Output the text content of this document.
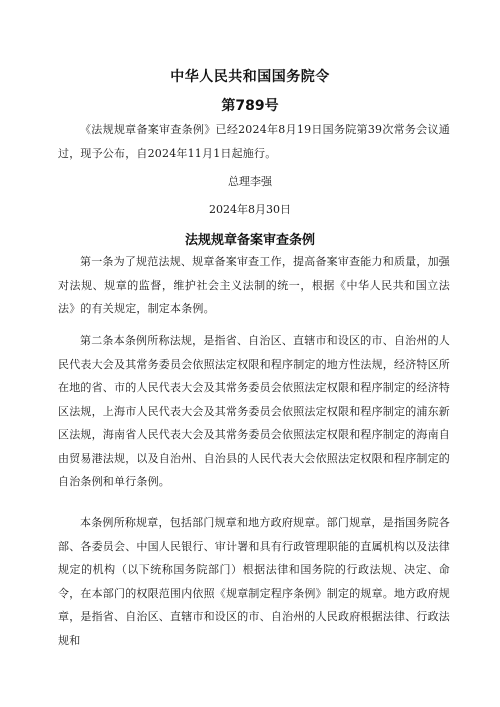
中华人民共和国国务院令
第789号

《法规规章备案审查条例》已经2024年8月19日国务院第39次常务会议通过，现予公布，自2024年11月1日起施行。

总理李强
2024年8月30日
法规规章备案审查条例

第一条为了规范法规、规章备案审查工作，提高备案审查能力和质量，加强对法规、规章的监督，维护社会主义法制的统一，根据《中华人民共和国立法法》的有关规定，制定本条例。

第二条本条例所称法规，是指省、自治区、直辖市和设区的市、自治州的人民代表大会及其常务委员会依照法定权限和程序制定的地方性法规，经济特区所在地的省、市的人民代表大会及其常务委员会依照法定权限和程序制定的经济特区法规，上海市人民代表大会及其常务委员会依照法定权限和程序制定的浦东新区法规，海南省人民代表大会及其常务委员会依照法定权限和程序制定的海南自由贸易港法规，以及自治州、自治县的人民代表大会依照法定权限和程序制定的自治条例和单行条例。

本条例所称规章，包括部门规章和地方政府规章。部门规章，是指国务院各部、各委员会、中国人民银行、审计署和具有行政管理职能的直属机构以及法律规定的机构（以下统称国务院部门）根据法律和国务院的行政法规、决定、命令，在本部门的权限范围内依照《规章制定程序条例》制定的规章。地方政府规章，是指省、自治区、直辖市和设区的市、自治州的人民政府根据法律、行政法规和
